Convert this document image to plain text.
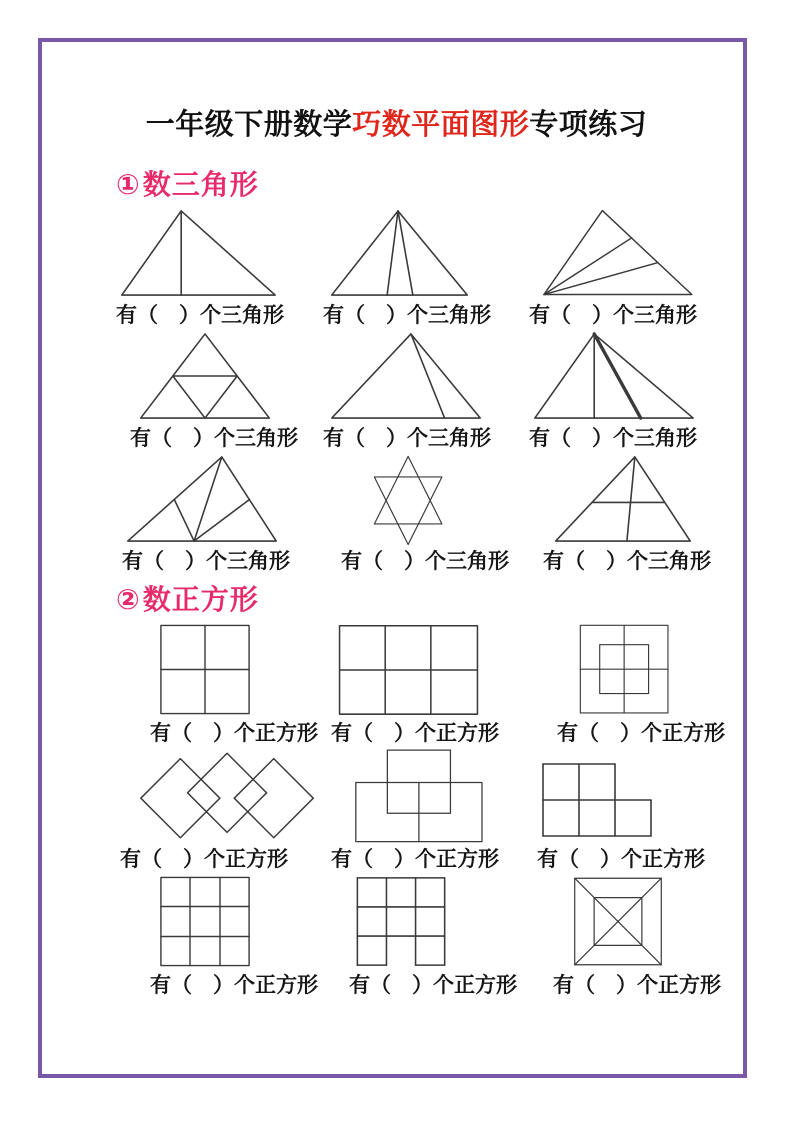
一年级下册数学巧数平面图形专项练习
①数三角形
有（　）个三角形 有（　）个三角形 有（　）个三角形
有（　）个三角形 有（　）个三角形 有（　）个三角形
有（　）个三角形 有（　）个三角形 有（　）个三角形
②数正方形
有（　）个正方形 有（　）个正方形	有（　）个正方形
有（　）个正方形 有（　）个正方形 有（　）个正方形
有（　）个正方形 有（　）个正方形 有（　）个正方形
